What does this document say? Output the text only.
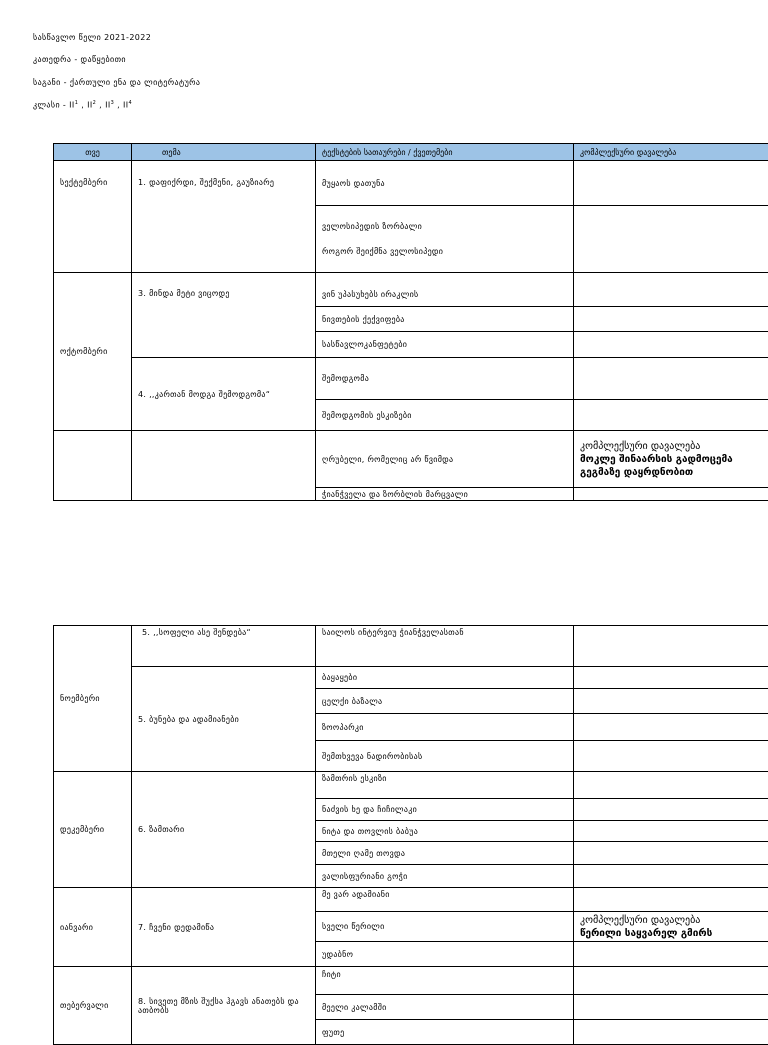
სასწავლო წელი 2021-2022
კათედრა - დაწყებითი
საგანი - ქართული ენა და ლიტერატურა
კლასი - $II^1$ , $II^2$ , $II^3$ , $II^4$
თვე	თემა	ტექსტების სათაურები / ქვეთემები	კომპლექსური დავალება
სექტემბერი	1. დაფიქრდი, შექმენი, გაუზიარე	მუყაოს დათუნა	

		ველოსიპედის ზორბალი
როგორ შეიქმნა ველოსიპედი	

ოქტომბერი	3. მინდა მეტი ვიცოდე	ვინ უპასუხებს ირაკლის	
		ნივთების ქექვიფება	
		სასწავლოკანფეტები	
	4. ,,კართან მოდგა შემოდგომა“	შემოდგომა	
		შემოდგომის ესკიზები	
		ღრუბელი, რომელიც არ წვიმდა	კომპლექსური დავალება
მოკლე შინაარსის გადმოცემა გეგმაზე დაყრდნობით
		ჭიანჭველა და ზორბლის მარცვალი	
ნოემბერი	5. ,,სოფელი ასე შენდება“	საილოს ინტერვიუ ჭიანჭველასთან	
	5. ბუნება და ადამიანები	ბაყაყები	
		ცელქი ბაზალა	
		ზოოპარკი	
		შემთხვევა ნადირობისას	
დეკემბერი	6. ზამთარი	ზამთრის ესკიზი	
		ნაძვის ხე და ჩიჩილაკი	
		ნიტა და თოვლის ბაბუა	
		მთელი ღამე თოვდა	
		ვალისფურიანი გოჭი	
იანვარი	7. ჩვენი დედამიწა	მე ვარ ადამიანი	
		სველი წერილი	კომპლექსური დავალება
წერილი საყვარელ გმირს
		უდაბნო	
თებერვალი	8. სივეთე მზის შუქსა ჰგავს ანათებს და ათბობს	ჩიტი	
		მეელი კალამში	
		ფუთე	
